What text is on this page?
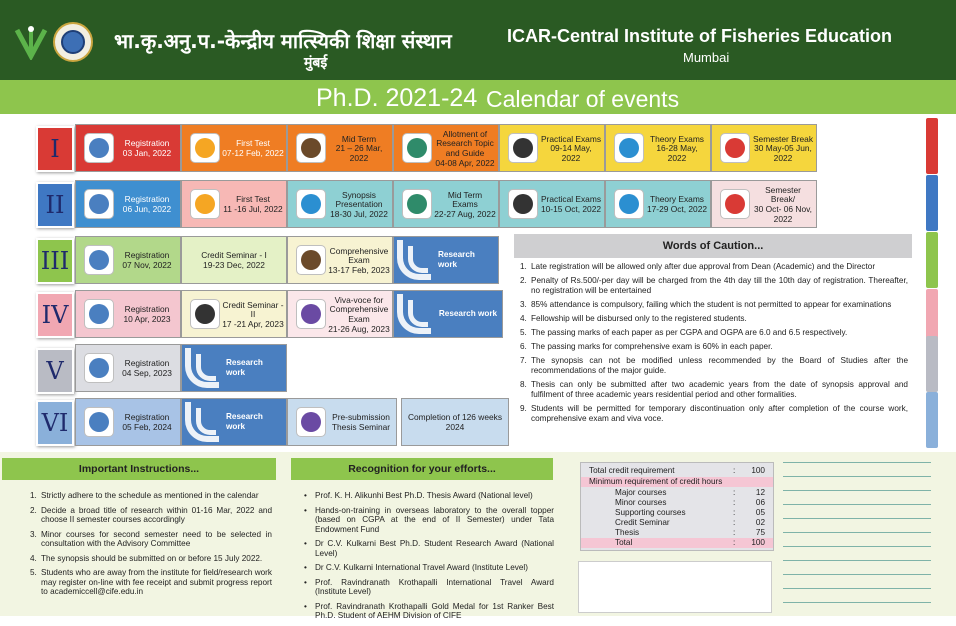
भा.कृ.अनु.प.-केन्द्रीय मात्स्यिकी शिक्षा संस्थान
मुंबई
ICAR-Central Institute of Fisheries Education
Mumbai
Ph.D. 2021-24 Calendar of events
I	Registration
03 Jan, 2022
First Test
07-12 Feb, 2022
Mid Term
21 – 26 Mar, 2022
Allotment of Research Topic and Guide
04-08 Apr, 2022
Practical Exams
09-14 May, 2022
Theory Exams
16-28 May, 2022
Semester Break
30 May-05 Jun, 2022
II	Registration
06 Jun, 2022
First Test
11 -16 Jul, 2022
Synopsis Presentation
18-30 Jul, 2022
Mid Term Exams
22-27 Aug, 2022
Practical Exams
10-15 Oct, 2022
Theory Exams
17-29 Oct, 2022
Semester Break/
30 Oct- 06 Nov, 2022
III	Registration
07 Nov, 2022
Credit Seminar - I
19-23 Dec, 2022
Comprehensive Exam
13-17 Feb, 2023
Research work
IV	Registration
10 Apr, 2023
Credit Seminar - II
17 -21 Apr, 2023
Viva-voce for Comprehensive Exam
21-26 Aug, 2023
Research work
V	Registration
04 Sep, 2023
Research work
VI	Registration
05 Feb, 2024
Research work
Pre-submission Thesis Seminar
Completion of 126 weeks
2024
Words of Caution...
1. Late registration will be allowed only after due approval from Dean (Academic) and the Director
2. Penalty of Rs.500/-per day will be charged from the 4th day till the 10th day of registration. Thereafter, no registration will be entertained
3. 85% attendance is compulsory, failing which the student is not permitted to appear for examinations
4. Fellowship will be disbursed only to the registered students.
5. The passing marks of each paper as per CGPA and OGPA are 6.0 and 6.5 respectively.
6. The passing marks for comprehensive exam is 60% in each paper.
7. The synopsis can not be modified unless recommended by the Board of Studies after the recommendations of the major guide.
8. Thesis can only be submitted after two academic years from the date of synopsis approval and fulfilment of three academic years residential period and other formalities.
9. Students will be permitted for temporary discontinuation only after completion of the course work, comprehensive exam and viva voce.
Important Instructions...
1. Strictly adhere to the schedule as mentioned in the calendar
2. Decide a broad title of research within 01-16 Mar, 2022 and choose II semester courses accordingly
3. Minor courses for second semester need to be selected in consultation with the Advisory Committee
4. The synopsis should be submitted on or before 15 July 2022.
5. Students who are away from the institute for field/research work may register on-line with fee receipt and submit progress report to academiccell@cife.edu.in
Recognition for your efforts...
• Prof. K. H. Alikunhi Best Ph.D. Thesis Award (National level)
• Hands-on-training in overseas laboratory to the overall topper (based on CGPA at the end of II Semester) under Tata Endowment Fund
• Dr C.V. Kulkarni Best Ph.D. Student Research Award (National Level)
• Dr C.V. Kulkarni International Travel Award (Institute Level)
• Prof. Ravindranath Krothapalli International Travel Award (Institute Level)
• Prof. Ravindranath Krothapalli Gold Medal for 1st Ranker Best Ph.D. Student of AEHM Division of CIFE
Total credit requirement	:	100
Minimum requirement of credit hours
Major courses	:	12
Minor courses	:	06
Supporting courses	:	05
Credit Seminar	:	02
Thesis	:	75
Total	:	100
